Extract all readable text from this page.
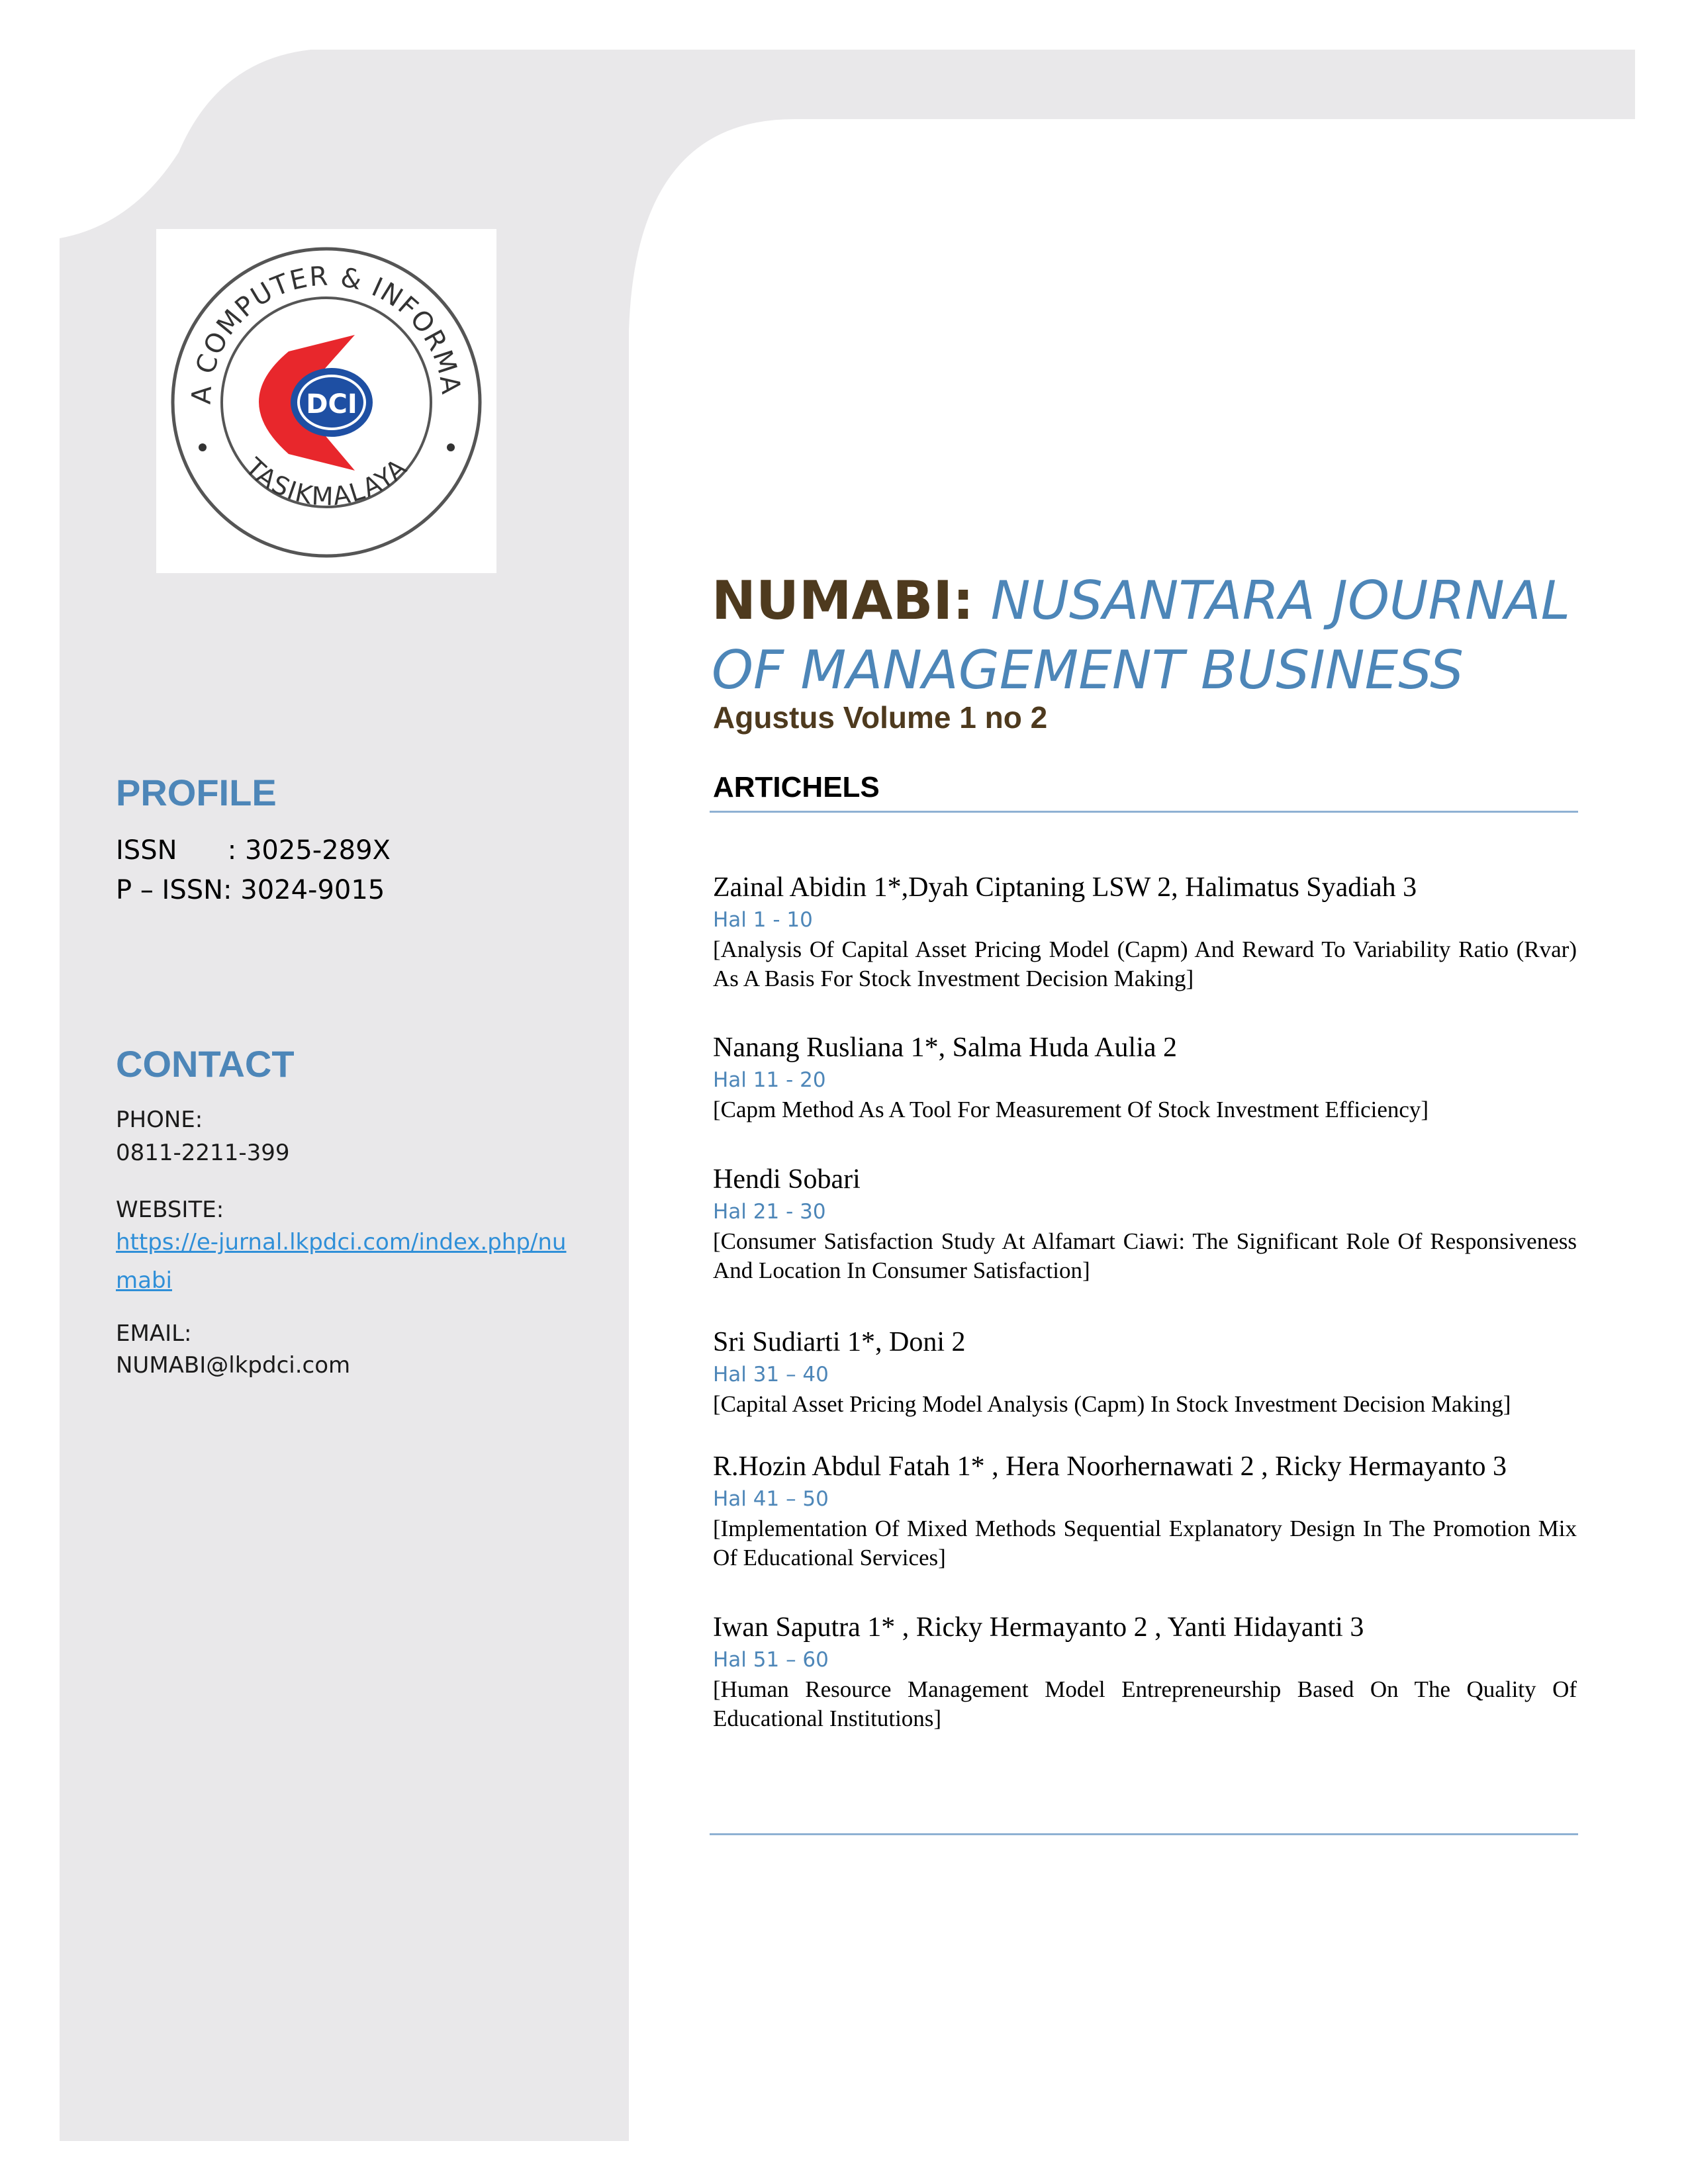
A COMPUTER & INFORMA
TASIKMALAYA
DCI
PROFILE
ISSN      : 3025-289X
P – ISSN: 3024-9015
CONTACT
PHONE:
0811-2211-399
WEBSITE:
https://e-jurnal.lkpdci.com/index.php/numabi
EMAIL:
NUMABI@lkpdci.com
NUMABI: NUSANTARA JOURNAL OF MANAGEMENT BUSINESS
Agustus Volume 1 no 2
ARTICHELS
Zainal Abidin 1*,Dyah Ciptaning LSW 2, Halimatus Syadiah 3
Hal 1 - 10
[Analysis Of Capital Asset Pricing Model (Capm) And Reward To Variability Ratio (Rvar) As A Basis For Stock Investment Decision Making]
Nanang Rusliana 1*, Salma Huda Aulia 2
Hal 11 - 20
[Capm Method As A Tool For Measurement Of Stock Investment Efficiency]
Hendi Sobari
Hal 21 - 30
[Consumer Satisfaction Study At Alfamart Ciawi: The Significant Role Of Responsiveness And Location In Consumer Satisfaction]
Sri Sudiarti 1*, Doni 2
Hal 31 – 40
[Capital Asset Pricing Model Analysis (Capm) In Stock Investment Decision Making]
R.Hozin Abdul Fatah 1* , Hera Noorhernawati 2 , Ricky Hermayanto 3
Hal 41 – 50
[Implementation Of Mixed Methods Sequential Explanatory Design In The Promotion Mix Of Educational Services]
Iwan Saputra 1* , Ricky Hermayanto 2 , Yanti Hidayanti 3
Hal 51 – 60
[Human Resource Management Model Entrepreneurship Based On The Quality Of Educational Institutions]
